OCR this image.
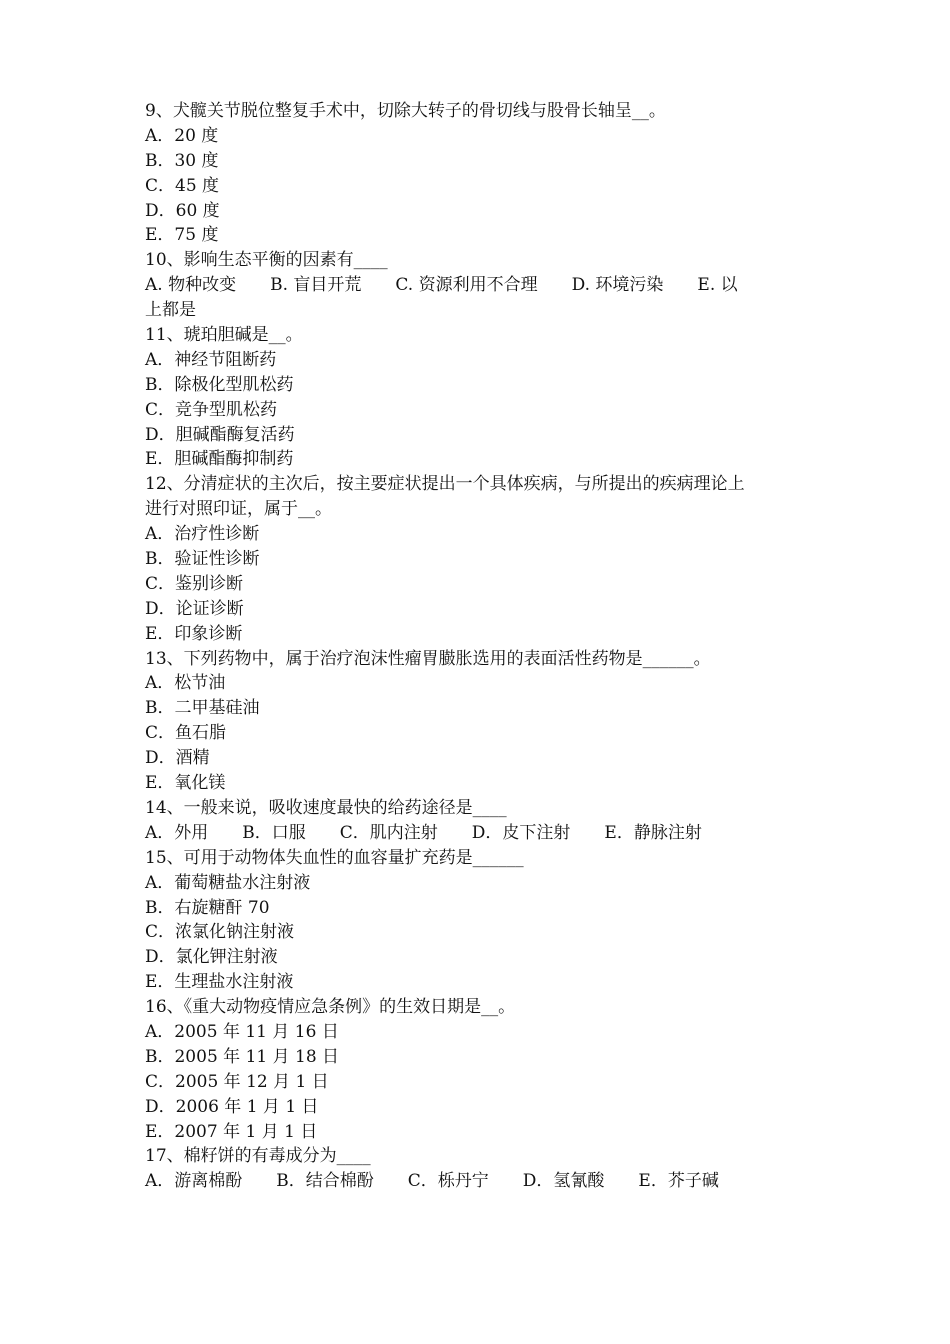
9、犬髋关节脱位整复手术中，切除大转子的骨切线与股骨长轴呈__。
A．20 度
B．30 度
C．45 度
D．60 度
E．75 度
10、影响生态平衡的因素有____
A. 物种改变　　B. 盲目开荒　　C. 资源利用不合理　　D. 环境污染　　E. 以
上都是
11、琥珀胆碱是__。
A．神经节阻断药
B．除极化型肌松药
C．竞争型肌松药
D．胆碱酯酶复活药
E．胆碱酯酶抑制药
12、分清症状的主次后，按主要症状提出一个具体疾病，与所提出的疾病理论上
进行对照印证，属于__。
A．治疗性诊断
B．验证性诊断
C．鉴别诊断
D．论证诊断
E．印象诊断
13、下列药物中，属于治疗泡沫性瘤胃臌胀选用的表面活性药物是______。
A．松节油
B．二甲基硅油
C．鱼石脂
D．酒精
E．氧化镁
14、一般来说，吸收速度最快的给药途径是____
A．外用　　B．口服　　C．肌内注射　　D．皮下注射　　E．静脉注射
15、可用于动物体失血性的血容量扩充药是______
A．葡萄糖盐水注射液
B．右旋糖酐 70
C．浓氯化钠注射液
D．氯化钾注射液
E．生理盐水注射液
16、《重大动物疫情应急条例》的生效日期是__。
A．2005 年 11 月 16 日
B．2005 年 11 月 18 日
C．2005 年 12 月 1 日
D．2006 年 1 月 1 日
E．2007 年 1 月 1 日
17、棉籽饼的有毒成分为____
A．游离棉酚　　B．结合棉酚　　C．栎丹宁　　D．氢氰酸　　E．芥子碱
